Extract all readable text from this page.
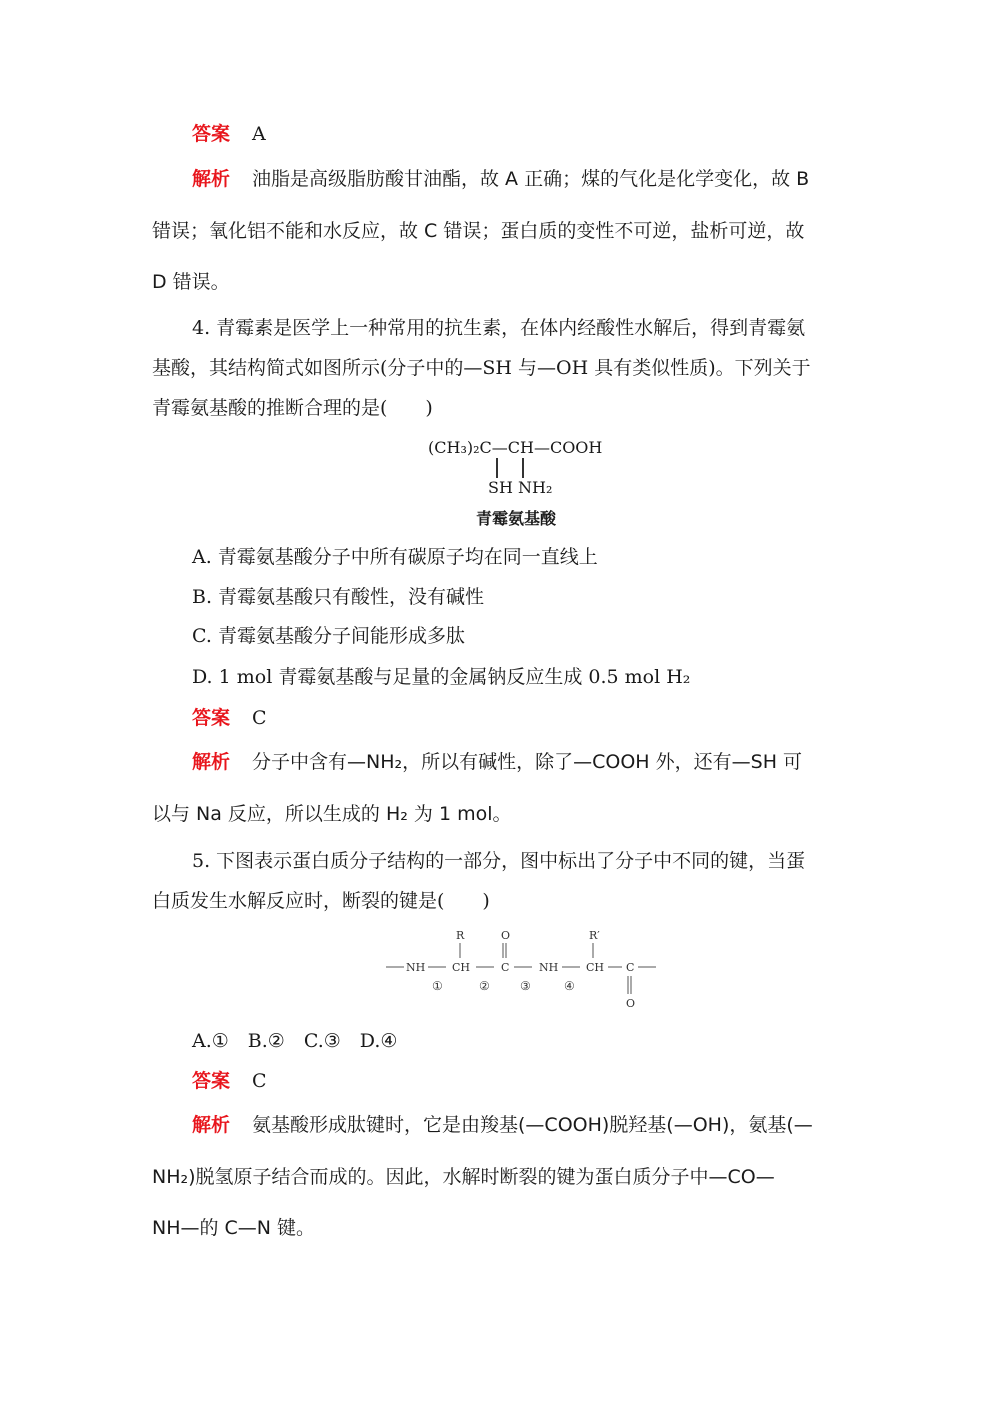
答案 A
解析 油脂是高级脂肪酸甘油酯，故 A 正确；煤的气化是化学变化，故 B
错误；氧化铝不能和水反应，故 C 错误；蛋白质的变性不可逆，盐析可逆，故
D 错误。
4. 青霉素是医学上一种常用的抗生素，在体内经酸性水解后，得到青霉氨
基酸，其结构简式如图所示(分子中的—SH 与—OH 具有类似性质)。下列关于
青霉氨基酸的推断合理的是(　　)
(CH₃)₂C—CH—COOH
SH NH₂
青霉氨基酸
A. 青霉氨基酸分子中所有碳原子均在同一直线上
B. 青霉氨基酸只有酸性，没有碱性
C. 青霉氨基酸分子间能形成多肽
D. 1 mol 青霉氨基酸与足量的金属钠反应生成 0.5 mol H₂
答案 C
解析 分子中含有—NH₂，所以有碱性，除了—COOH 外，还有—SH 可
以与 Na 反应，所以生成的 H₂ 为 1 mol。
5. 下图表示蛋白质分子结构的一部分，图中标出了分子中不同的键，当蛋
白质发生水解反应时，断裂的键是(　　)
R	O	R′
NH CH	C	NH	CH C
O
①	②	③	④
A.①　B.②　C.③　D.④
答案 C
解析 氨基酸形成肽键时，它是由羧基(—COOH)脱羟基(—OH)，氨基(—
NH₂)脱氢原子结合而成的。因此，水解时断裂的键为蛋白质分子中—CO—
NH—的 C—N 键。
